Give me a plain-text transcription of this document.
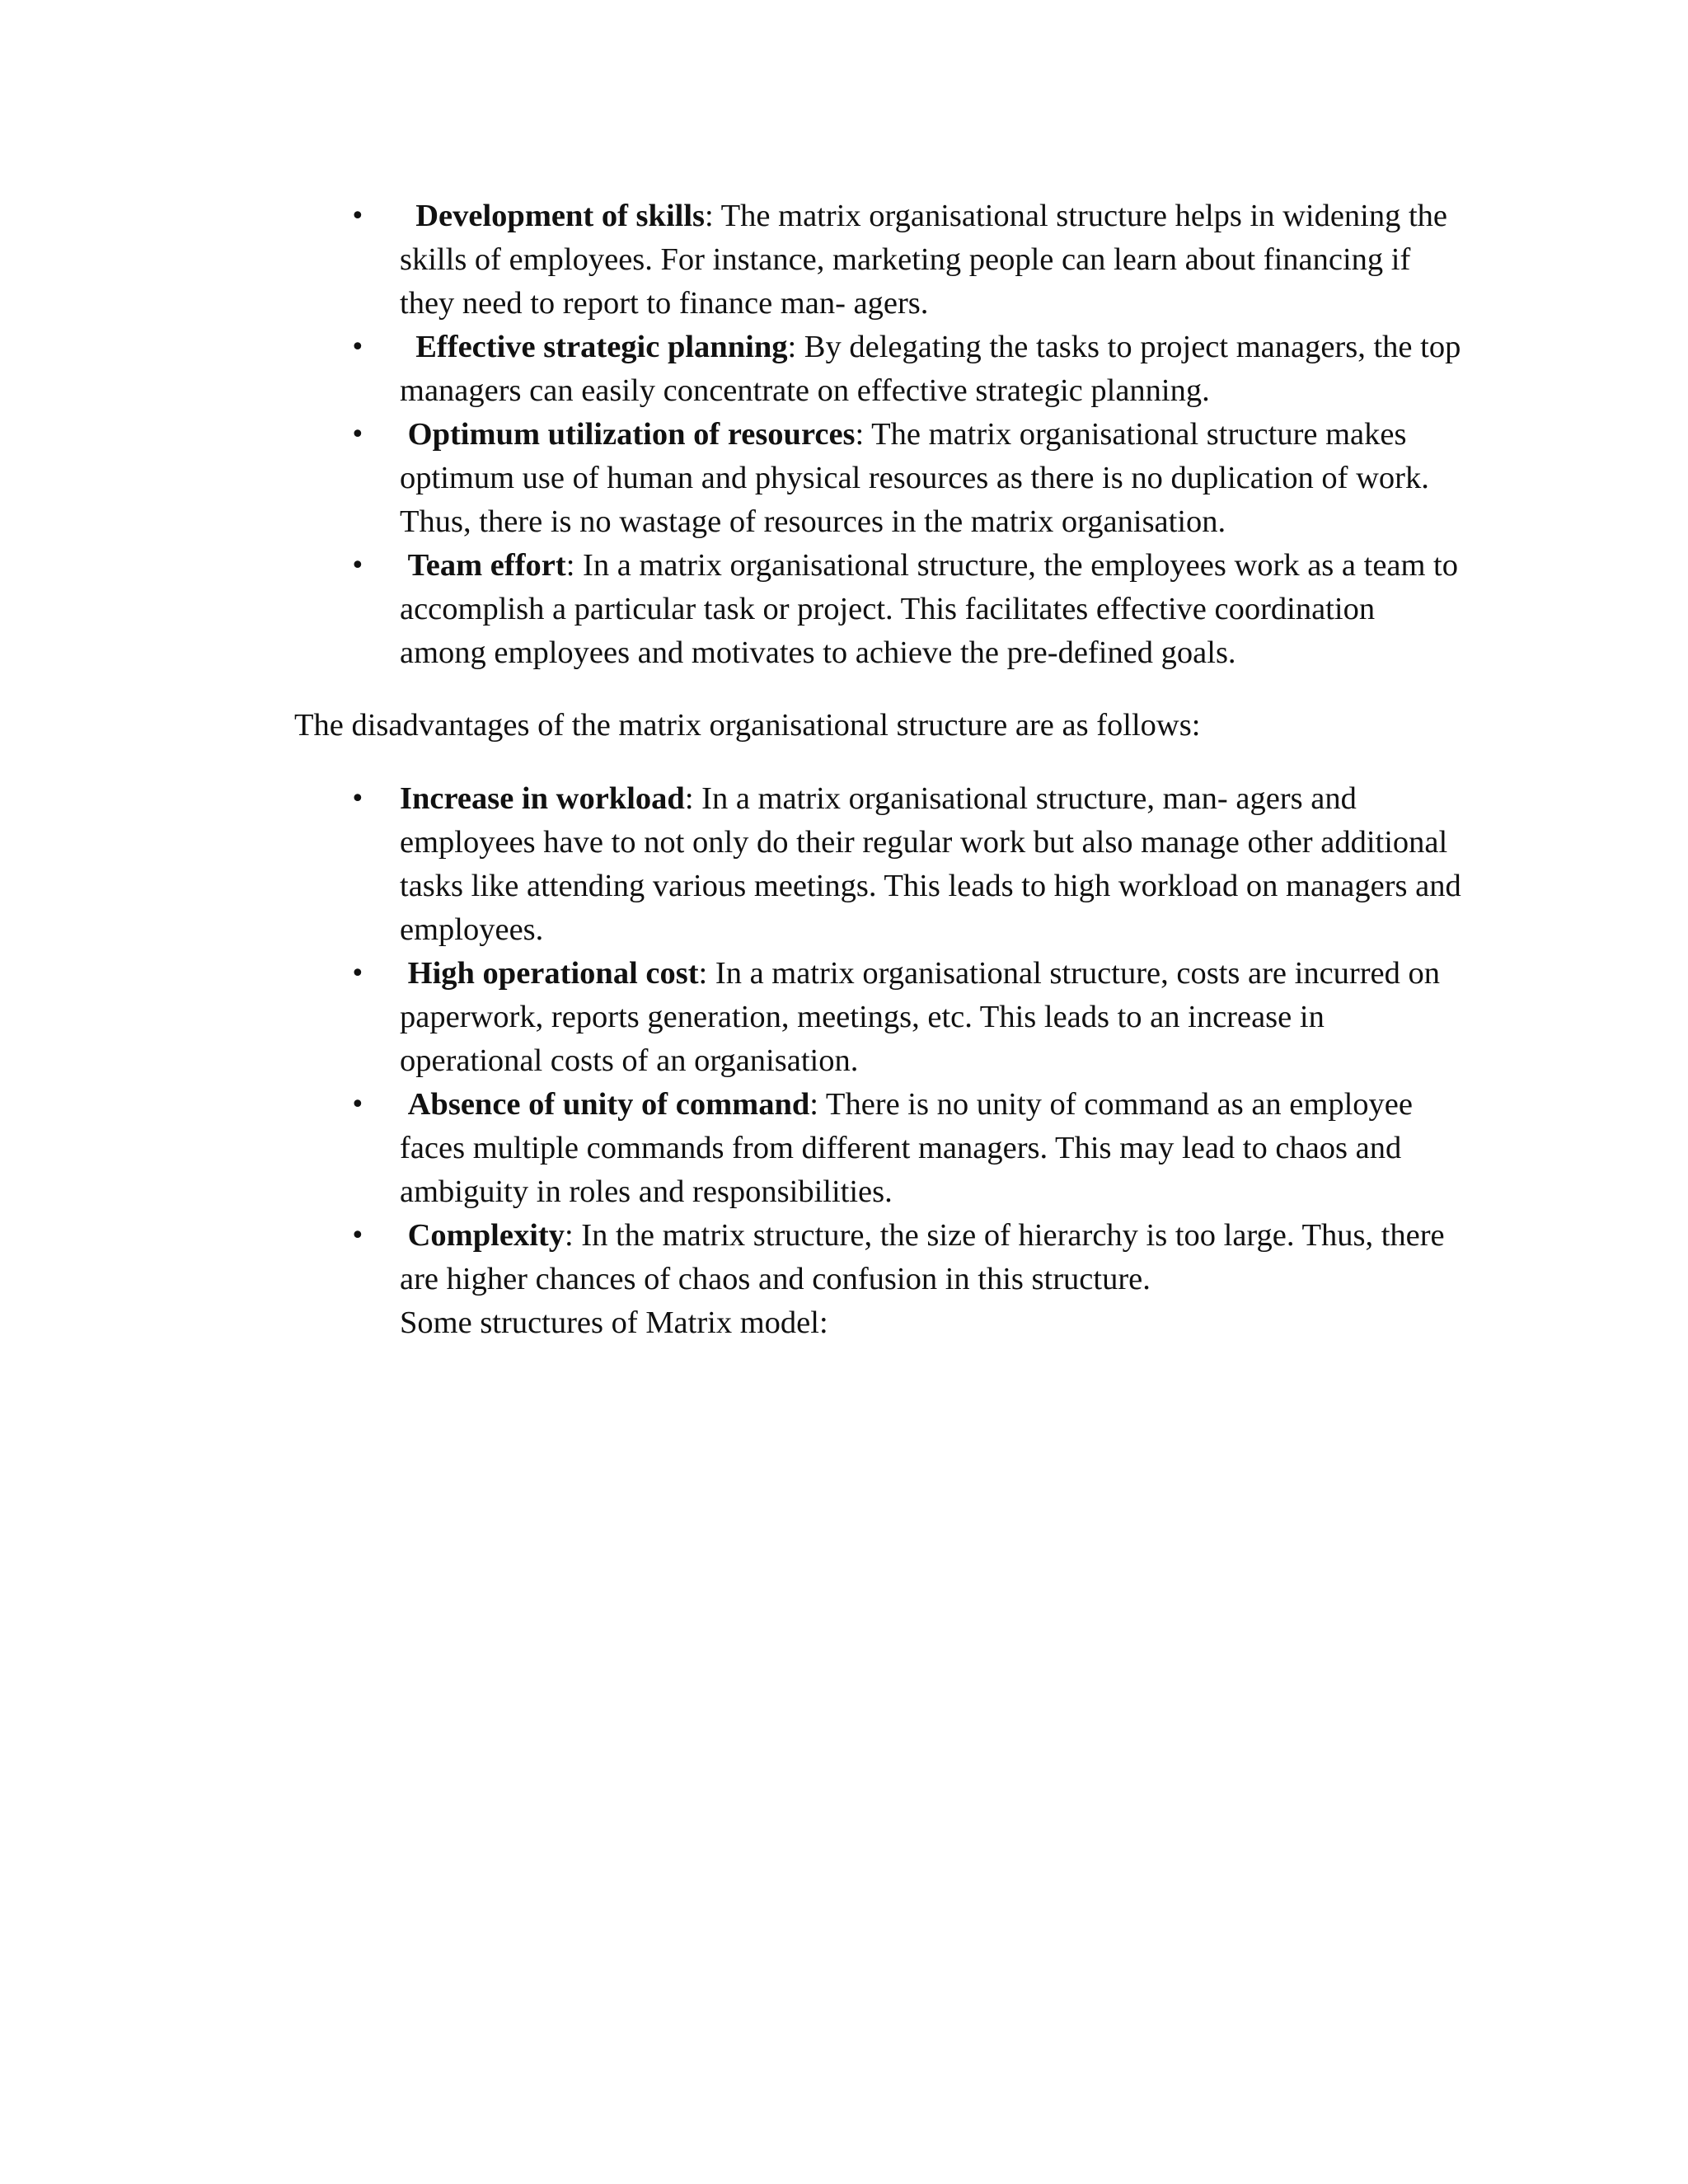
• Development of skills: The matrix organisational structure helps in widening the skills of employees. For instance, marketing people can learn about financing if they need to report to finance man- agers.
• Effective strategic planning: By delegating the tasks to project managers, the top managers can easily concentrate on effective strategic planning.
• Optimum utilization of resources: The matrix organisational structure makes optimum use of human and physical resources as there is no duplication of work. Thus, there is no wastage of resources in the matrix organisation.
• Team effort: In a matrix organisational structure, the employees work as a team to accomplish a particular task or project. This facilitates effective coordination among employees and motivates to achieve the pre-defined goals.

The disadvantages of the matrix organisational structure are as follows:

• Increase in workload: In a matrix organisational structure, man- agers and employees have to not only do their regular work but also manage other additional tasks like attending various meetings. This leads to high workload on managers and employees.
• High operational cost: In a matrix organisational structure, costs are incurred on paperwork, reports generation, meetings, etc. This leads to an increase in operational costs of an organisation.
• Absence of unity of command: There is no unity of command as an employee faces multiple commands from different managers. This may lead to chaos and ambiguity in roles and responsibilities.
• Complexity: In the matrix structure, the size of hierarchy is too large. Thus, there are higher chances of chaos and confusion in this structure.
Some structures of Matrix model:
